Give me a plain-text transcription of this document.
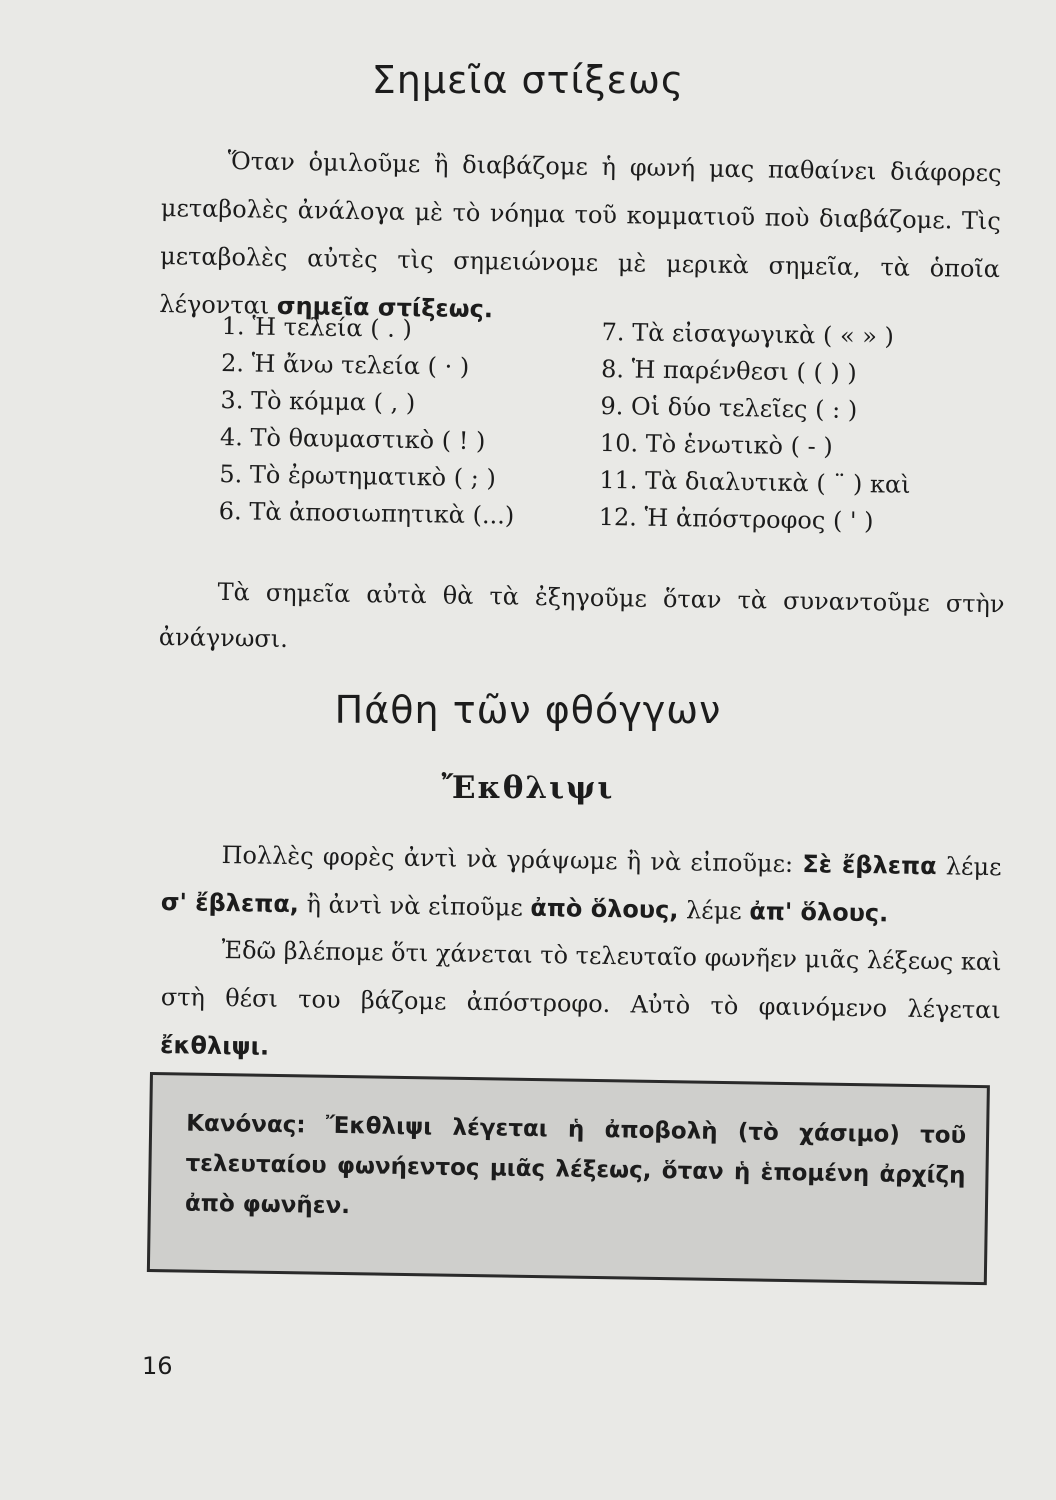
Σημεῖα στίξεως
Ὅταν ὁμιλοῦμε ἢ διαβάζομε ἡ φωνή μας παθαίνει διάφορες μεταβολὲς ἀνάλογα μὲ τὸ νόημα τοῦ κομματιοῦ ποὺ διαβάζομε. Τὶς μεταβολὲς αὐτὲς τὶς σημειώνομε μὲ μερικὰ σημεῖα, τὰ ὁποῖα λέγονται σημεῖα στίξεως.
1. Ἡ τελεία ( . )	7. Τὰ εἰσαγωγικὰ ( « » )
2. Ἡ ἄνω τελεία ( · )	8. Ἡ παρένθεσι ( ( ) )
3. Τὸ κόμμα ( , )	9. Οἱ δύο τελεῖες ( : )
4. Τὸ θαυμαστικὸ ( ! )	10. Τὸ ἑνωτικὸ ( - )
5. Τὸ ἐρωτηματικὸ ( ; )	11. Τὰ διαλυτικὰ ( ¨ ) καὶ
6. Τὰ ἀποσιωπητικὰ (...)	12. Ἡ ἀπόστροφος ( ' )
Τὰ σημεῖα αὐτὰ θὰ τὰ ἐξηγοῦμε ὅταν τὰ συναντοῦμε στὴν ἀνάγνωσι.
Πάθη τῶν φθόγγων
Ἔκθλιψι
Πολλὲς φορὲς ἀντὶ νὰ γράψωμε ἢ νὰ εἰποῦμε: Σὲ ἔβλεπα λέμε σ' ἔβλεπα, ἢ ἀντὶ νὰ εἰποῦμε ἀπὸ ὅλους, λέμε ἀπ' ὅλους.
Ἐδῶ βλέπομε ὅτι χάνεται τὸ τελευταῖο φωνῆεν μιᾶς λέξεως καὶ στὴ θέσι του βάζομε ἀπόστροφο. Αὐτὸ τὸ φαινόμενο λέγεται ἔκθλιψι.
Κανόνας: Ἔκθλιψι λέγεται ἡ ἀποβολὴ (τὸ χάσιμο) τοῦ τελευταίου φωνήεντος μιᾶς λέξεως, ὅταν ἡ ἑπομένη ἀρχίζη ἀπὸ φωνῆεν.
16
